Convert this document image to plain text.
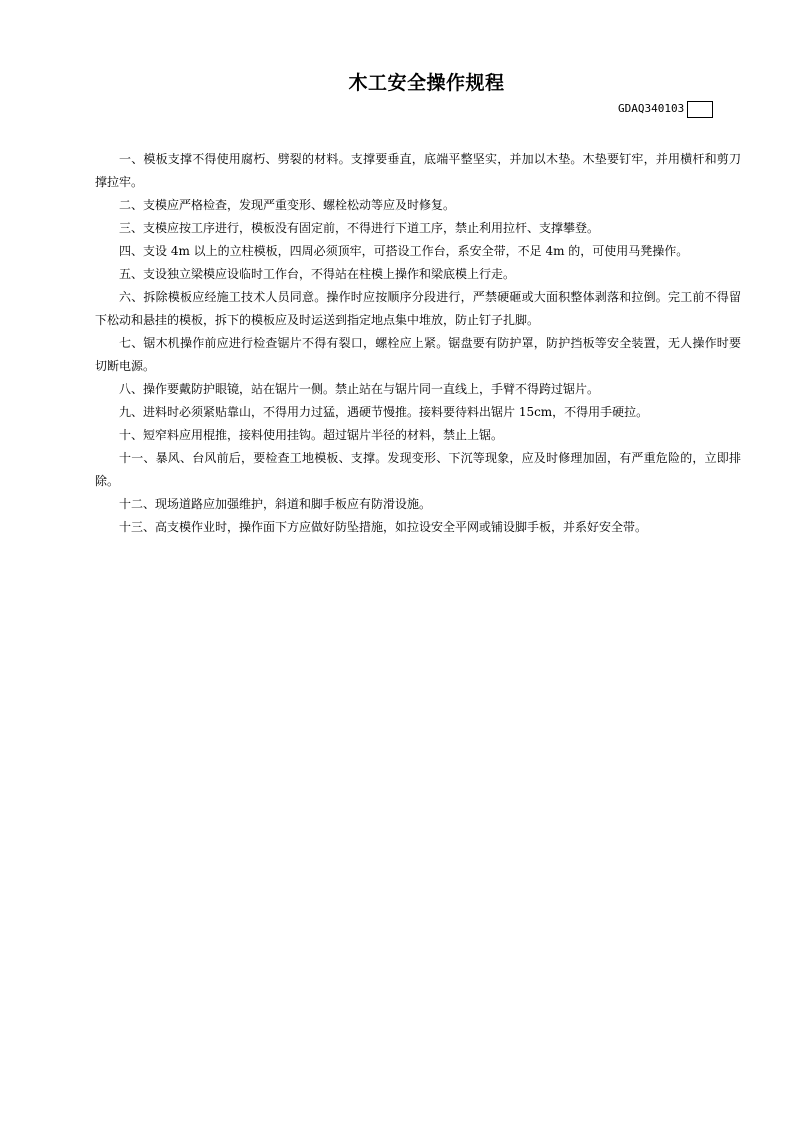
木工安全操作规程
GDAQ340103

一、模板支撑不得使用腐朽、劈裂的材料。支撑要垂直，底端平整坚实，并加以木垫。木垫要钉牢，并用横杆和剪刀撑拉牢。

二、支模应严格检查，发现严重变形、螺栓松动等应及时修复。

三、支模应按工序进行，模板没有固定前，不得进行下道工序，禁止利用拉杆、支撑攀登。

四、支设 4m 以上的立柱模板，四周必须顶牢，可搭设工作台，系安全带，不足 4m 的，可使用马凳操作。

五、支设独立梁模应设临时工作台，不得站在柱模上操作和梁底模上行走。

六、拆除模板应经施工技术人员同意。操作时应按顺序分段进行，严禁硬砸或大面积整体剥落和拉倒。完工前不得留下松动和悬挂的模板，拆下的模板应及时运送到指定地点集中堆放，防止钉子扎脚。

七、锯木机操作前应进行检查锯片不得有裂口，螺栓应上紧。锯盘要有防护罩，防护挡板等安全装置，无人操作时要切断电源。

八、操作要戴防护眼镜，站在锯片一侧。禁止站在与锯片同一直线上，手臂不得跨过锯片。

九、进料时必须紧贴靠山，不得用力过猛，遇硬节慢推。接料要待料出锯片 15cm，不得用手硬拉。

十、短窄料应用棍推，接料使用挂钩。超过锯片半径的材料，禁止上锯。

十一、暴风、台风前后，要检查工地模板、支撑。发现变形、下沉等现象，应及时修理加固，有严重危险的，立即排除。

十二、现场道路应加强维护，斜道和脚手板应有防滑设施。

十三、高支模作业时，操作面下方应做好防坠措施，如拉设安全平网或铺设脚手板，并系好安全带。
